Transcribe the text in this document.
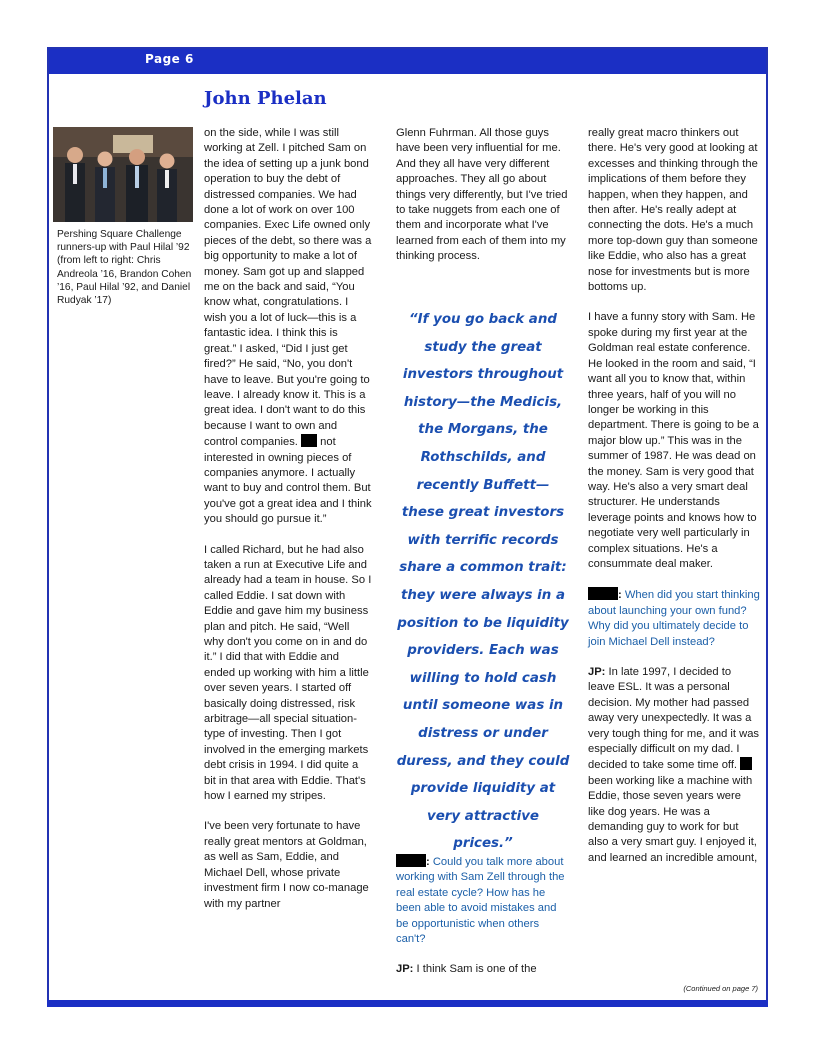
Page 6
John Phelan
Pershing Square Challenge runners-up with Paul Hilal ’92 (from left to right: Chris Andreola ’16, Brandon Cohen ’16, Paul Hilal ’92, and Daniel Rudyak ’17)

on the side, while I was still working at Zell. I pitched Sam on the idea of setting up a junk bond operation to buy the debt of distressed companies. We had done a lot of work on over 100 companies. Exec Life owned only pieces of the debt, so there was a big opportunity to make a lot of money. Sam got up and slapped me on the back and said, “You know what, congratulations. I wish you a lot of luck—this is a fantastic idea. I think this is great.” I asked, “Did I just get fired?” He said, “No, you don't have to leave. But you're going to leave. I already know it. This is a great idea. I don't want to do this because I want to own and control companies. not interested in owning pieces of companies anymore. I actually want to buy and control them. But you've got a great idea and I think you should go pursue it.”

I called Richard, but he had also taken a run at Executive Life and already had a team in house. So I called Eddie. I sat down with Eddie and gave him my business plan and pitch. He said, “Well why don't you come on in and do it.” I did that with Eddie and ended up working with him a little over seven years. I started off basically doing distressed, risk arbitrage—all special situation-type of investing. Then I got involved in the emerging markets debt crisis in 1994. I did quite a bit in that area with Eddie. That's how I earned my stripes.

I've been very fortunate to have really great mentors at Goldman, as well as Sam, Eddie, and Michael Dell, whose private investment firm I now co-manage with my partner

Glenn Fuhrman. All those guys have been very influential for me. And they all have very different approaches. They all go about things very differently, but I've tried to take nuggets from each one of them and incorporate what I've learned from each of them into my thinking process.

“If you go back and study the great investors throughout history—the Medicis, the Morgans, the Rothschilds, and recently Buffett—these great investors with terrific records share a common trait: they were always in a position to be liquidity providers. Each was willing to hold cash until someone was in distress or under duress, and they could provide liquidity at very attractive prices.”

: Could you talk more about working with Sam Zell through the real estate cycle? How has he been able to avoid mistakes and be opportunistic when others can't?

JP: I think Sam is one of the

really great macro thinkers out there. He's very good at looking at excesses and thinking through the implications of them before they happen, when they happen, and then after. He's really adept at connecting the dots. He's a much more top-down guy than someone like Eddie, who also has a great nose for investments but is more bottoms up.

I have a funny story with Sam. He spoke during my first year at the Goldman real estate conference. He looked in the room and said, “I want all you to know that, within three years, half of you will no longer be working in this department. There is going to be a major blow up.” This was in the summer of 1987. He was dead on the money. Sam is very good that way. He's also a very smart deal structurer. He understands leverage points and knows how to negotiate very well particularly in complex situations. He's a consummate deal maker.

: When did you start thinking about launching your own fund? Why did you ultimately decide to join Michael Dell instead?

JP: In late 1997, I decided to leave ESL. It was a personal decision. My mother had passed away very unexpectedly. It was a very tough thing for me, and it was especially difficult on my dad. I decided to take some time off.  been working like a machine with Eddie, those seven years were like dog years. He was a demanding guy to work for but also a very smart guy. I enjoyed it, and learned an incredible amount,

(Continued on page 7)
